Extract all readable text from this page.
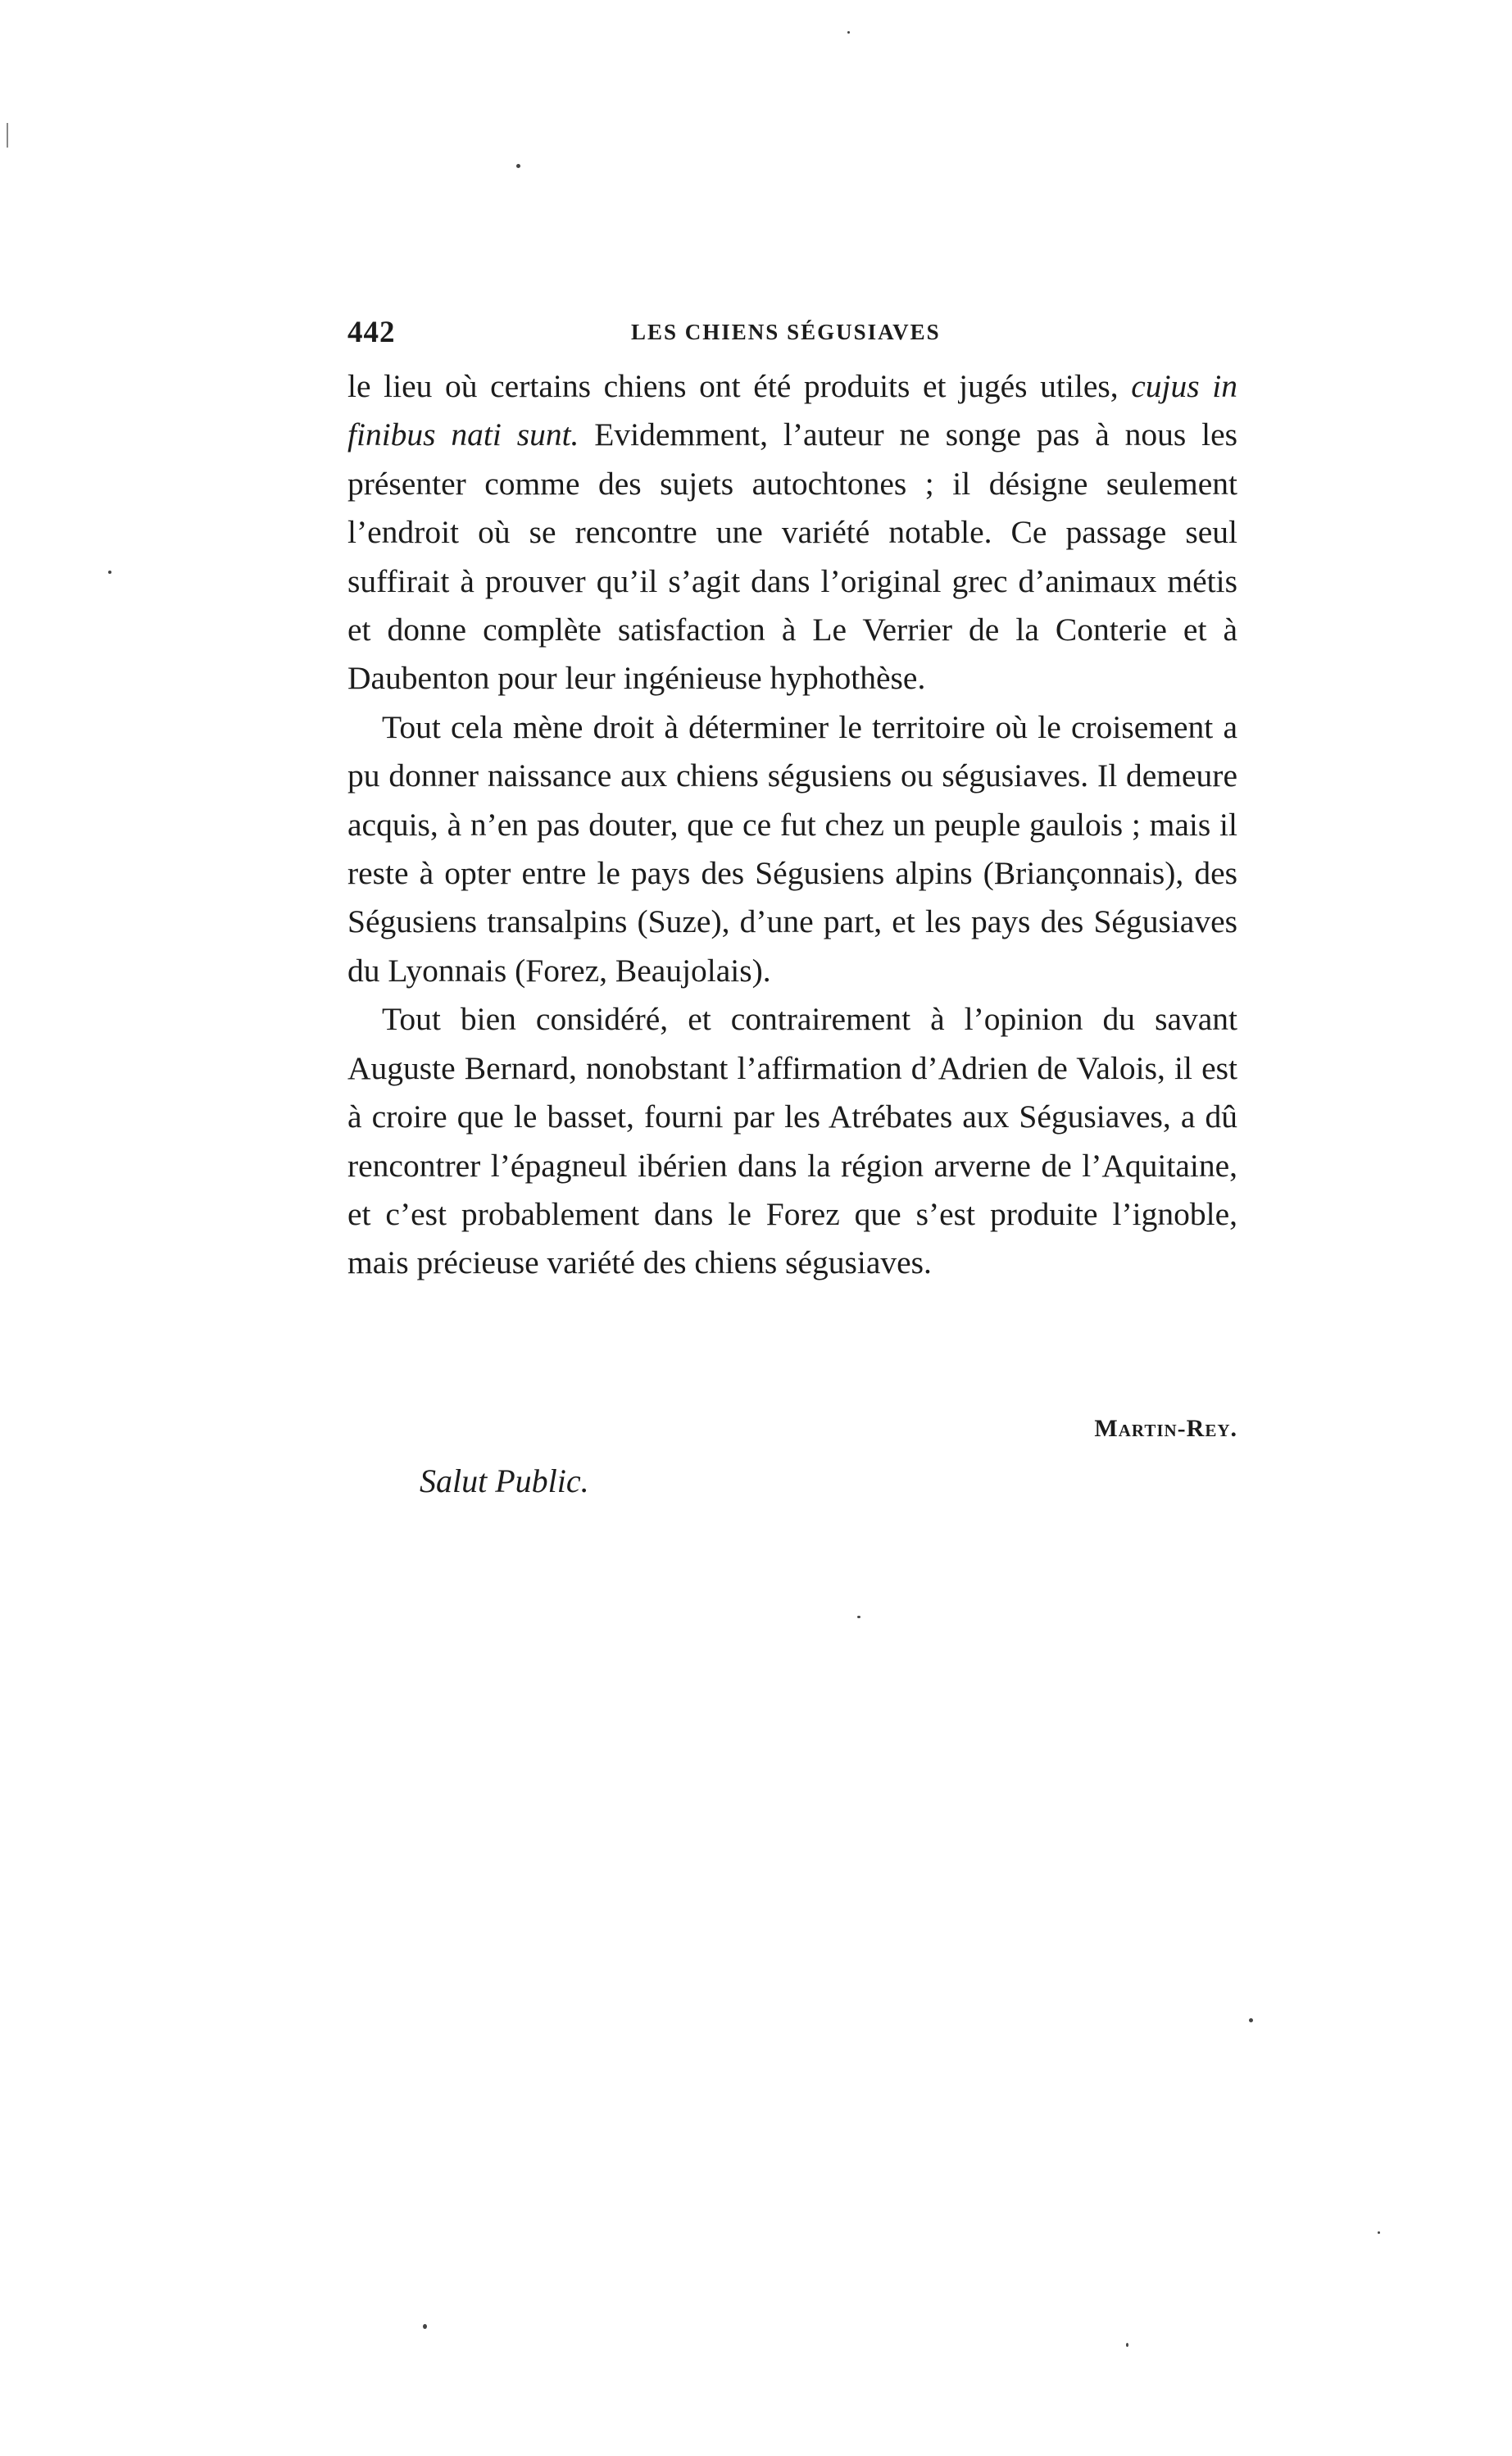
442	LES CHIENS SÉGUSIAVES

le lieu où certains chiens ont été produits et jugés utiles, cujus in finibus nati sunt. Evidemment, l’auteur ne songe pas à nous les présenter comme des sujets autochtones ; il désigne seulement l’endroit où se rencontre une variété notable. Ce passage seul suffirait à prouver qu’il s’agit dans l’original grec d’animaux métis et donne complète satisfaction à Le Verrier de la Conterie et à Daubenton pour leur ingénieuse hyphothèse.

Tout cela mène droit à déterminer le territoire où le croisement a pu donner naissance aux chiens ségusiens ou ségusiaves. Il demeure acquis, à n’en pas douter, que ce fut chez un peuple gaulois ; mais il reste à opter entre le pays des Ségusiens alpins (Briançonnais), des Ségusiens transalpins (Suze), d’une part, et les pays des Ségusiaves du Lyonnais (Forez, Beaujolais).

Tout bien considéré, et contrairement à l’opinion du savant Auguste Bernard, nonobstant l’affirmation d’Adrien de Valois, il est à croire que le basset, fourni par les Atrébates aux Ségusiaves, a dû rencontrer l’épagneul ibérien dans la région arverne de l’Aquitaine, et c’est probablement dans le Forez que s’est produite l’ignoble, mais précieuse variété des chiens ségusiaves.

Martin-Rey.
Salut Public.
